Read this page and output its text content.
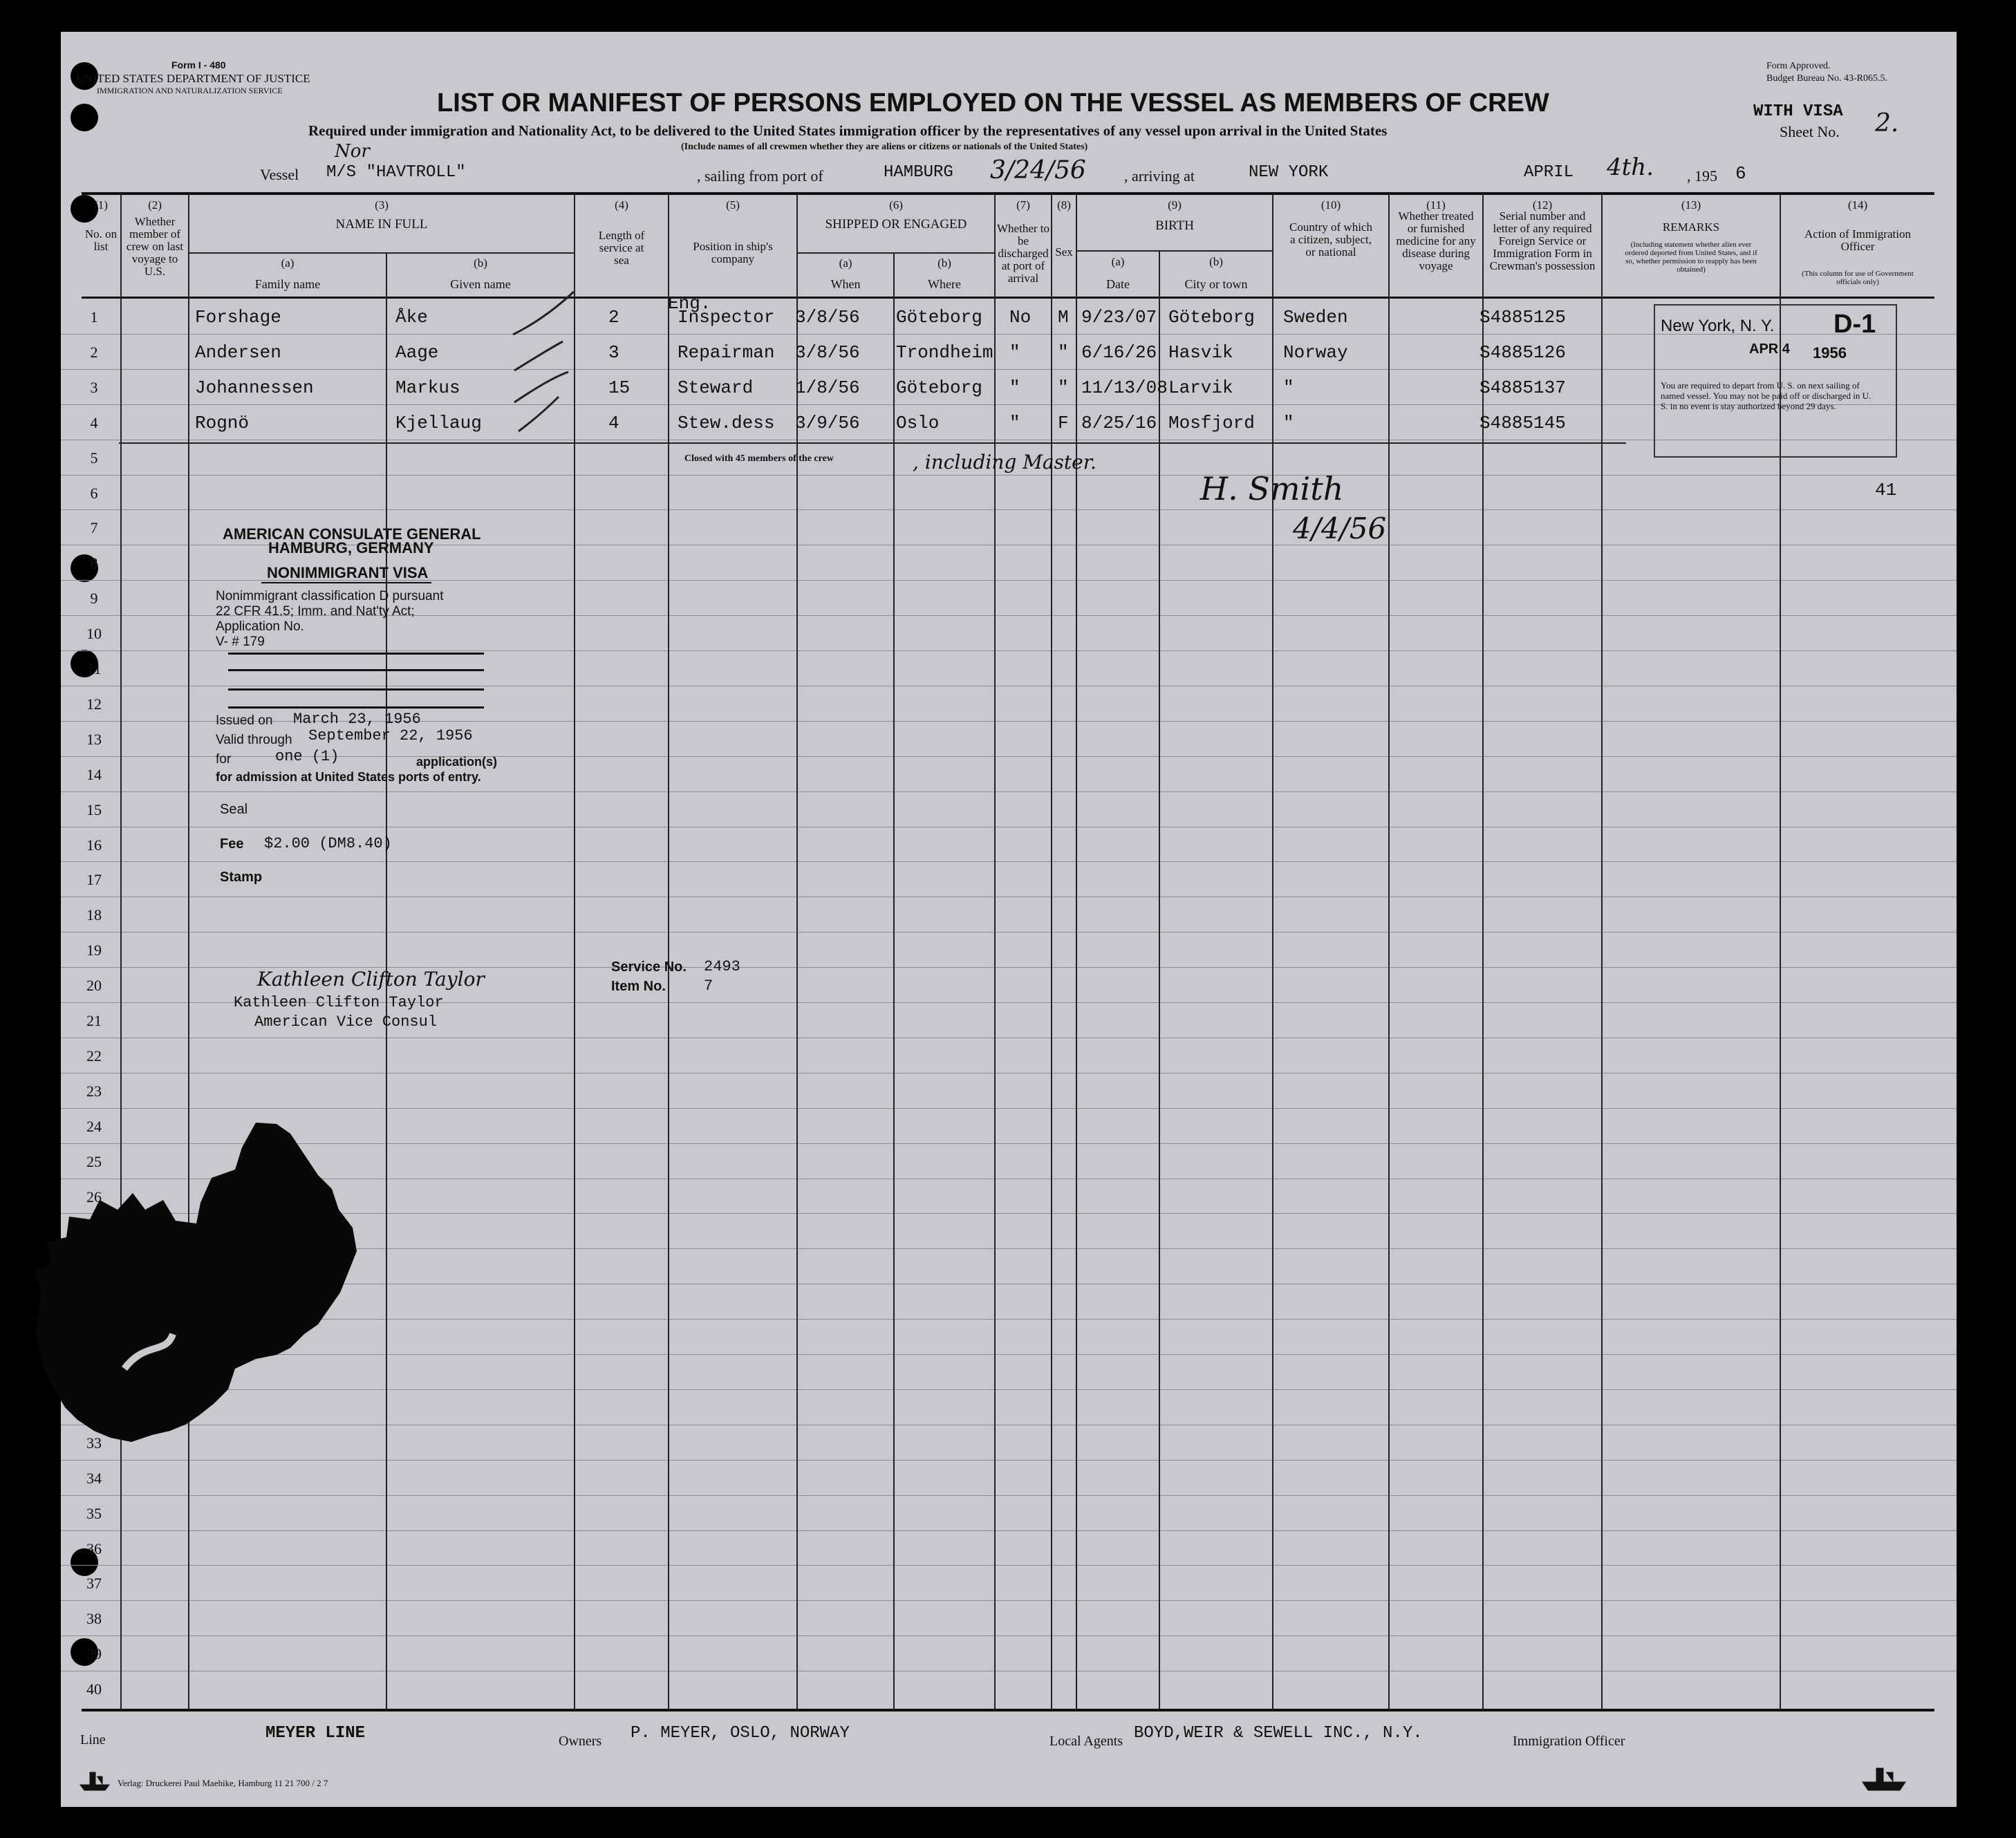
Form I - 480
UNITED STATES DEPARTMENT OF JUSTICE
IMMIGRATION AND NATURALIZATION SERVICE
Form Approved.
Budget Bureau No. 43-R065.5.
LIST OR MANIFEST OF PERSONS EMPLOYED ON THE VESSEL AS MEMBERS OF CREW
Required under immigration and Nationality Act, to be delivered to the United States immigration officer by the representatives of any vessel upon arrival in the United States
(Include names of all crewmen whether they are aliens or citizens or nationals of the United States)
WITH VISA
Sheet No. 2.
Vessel
Nor
M/S "HAVTROLL"	, sailing from port of	HAMBURG 3/24/56	, arriving at	NEW YORK	APRIL 4th. , 195 6
(1)
No. on list
(2)
Whether member of crew on last voyage to U.S.
(3)
NAME IN FULL
(a)
Family name
(b)
Given name
(4)
Length of service at sea
(5)
Position in ship's company
(6)
SHIPPED OR ENGAGED
(a)
When
(b)
Where
(7)
Whether to be discharged at port of arrival
(8)
Sex
(9)
BIRTH
(a)
Date
(b)
City or town
(10)
Country of which a citizen, subject, or national
(11)
Whether treated or furnished medicine for any disease during voyage
(12)
Serial number and letter of any required Foreign Service or Immigration Form in Crewman's possession
(13)
REMARKS
(Including statement whether alien ever ordered deported from United States, and if so, whether permission to reapply has been obtained)
(14)
Action of Immigration Officer
(This column for use of Government officials only)
1
2
3
4
5
6
7
8
9
10
11
12
13
14
15
16
17
18
19
20
21
22
23
24
25
26
33
34
35
36
37
38
39
40
Forshage	Åke	2	Inspector 3/8/56 Göteborg No M 9/23/07 Göteborg Sweden	S4885125
Eng.
Andersen	Aage	3	Repairman 3/8/56 Trondheim " " 6/16/26 Hasvik	Norway	S4885126
Johannessen	Markus	15	Steward 1/8/56 Göteborg " " 11/13/08 Larvik	"	S4885137
Rognö	Kjellaug	4	Stew.dess 3/9/56 Oslo	" F 8/25/16 Mosfjord "	S4885145
Closed with 45 members of the crew	, including Master.
H. Smith
4/4/56
41
New York, N. Y. D-1
APR 4 1956
You are required to depart from U. S. on next sailing of named vessel. You may not be paid off or discharged in U. S. in no event is stay authorized beyond 29 days.
AMERICAN CONSULATE GENERAL
HAMBURG, GERMANY
NONIMMIGRANT VISA
Nonimmigrant classification D pursuant
22 CFR 41.5; Imm. and Nat'ty Act;
Application No.
V- # 179
Issued on March 23, 1956
Valid through September 22, 1956
for	one (1)	application(s)
for admission at United States ports of entry.
Seal
Fee $2.00 (DM8.40)
Stamp
Kathleen Clifton Taylor
Kathleen Clifton Taylor
American Vice Consul
Service No. 2493
Item No.	7
Line	MEYER LINE	Owners P. MEYER, OSLO, NORWAY	Local Agents BOYD,WEIR & SEWELL INC., N.Y.	Immigration Officer
Verlag: Druckerei Paul Maehike, Hamburg 11 21 700 / 2 7
